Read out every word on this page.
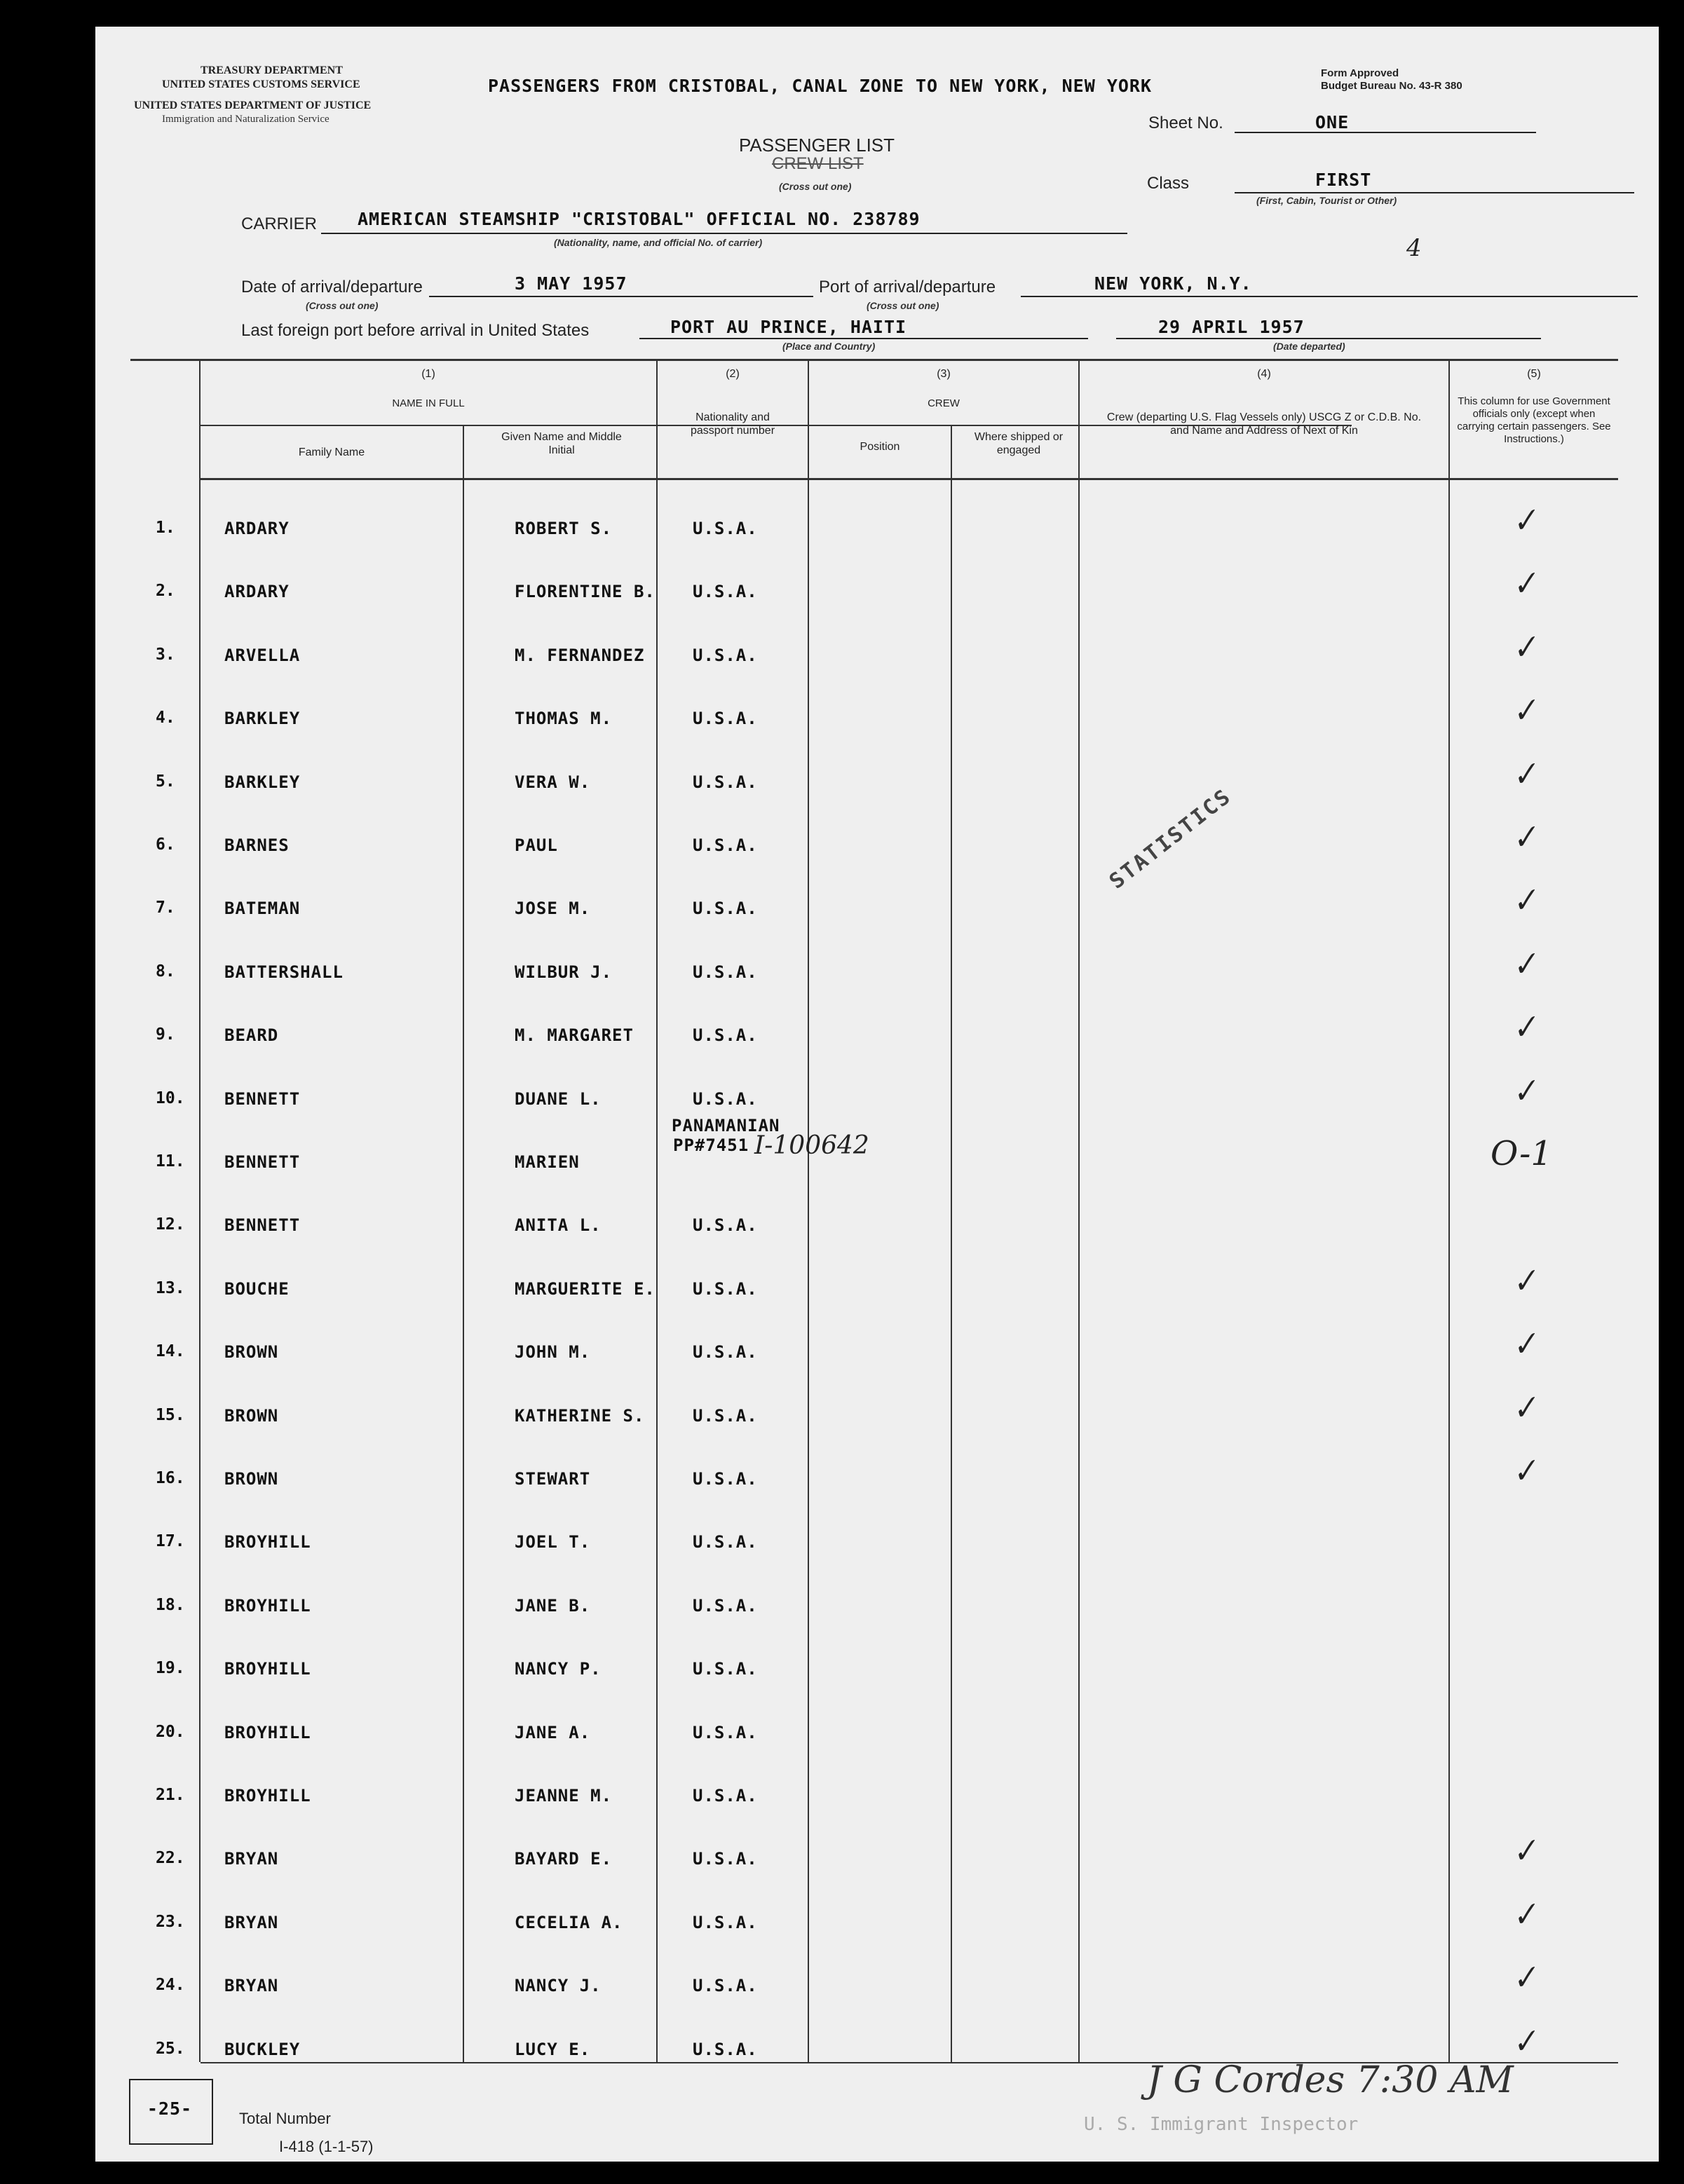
TREASURY DEPARTMENT
UNITED STATES CUSTOMS SERVICE
UNITED STATES DEPARTMENT OF JUSTICE
Immigration and Naturalization Service
PASSENGERS FROM CRISTOBAL, CANAL ZONE TO NEW YORK, NEW YORK
Form Approved
Budget Bureau No. 43-R 380
Sheet No.	ONE
PASSENGER LIST
CREW LIST
(Cross out one)	Class	FIRST
(First, Cabin, Tourist or Other)
CARRIER AMERICAN STEAMSHIP "CRISTOBAL" OFFICIAL NO. 238789
(Nationality, name, and official No. of carrier)	4
Date of arrival/departure	3 MAY 1957
(Cross out one)
Port of arrival/departure	NEW YORK, N.Y.
(Cross out one)
Last foreign port before arrival in United States	PORT AU PRINCE, HAITI
(Place and Country)
29 APRIL 1957
(Date departed)
(1)
NAME IN FULL
Family Name
Given Name and Middle Initial
(2)
Nationality and passport number
(3)
CREW
Position
Where shipped or engaged
(4)
Crew (departing U.S. Flag Vessels only) USCG Z or C.D.B. No. and Name and Address of Next of Kin
(5)
This column for use Government officials only (except when carrying certain passengers. See Instructions.)
1.	ARDARY	ROBERT S.	U.S.A.	✓
2.	ARDARY	FLORENTINE B. U.S.A.	✓
3.	ARVELLA	M. FERNANDEZ	U.S.A.	✓
4.	BARKLEY	THOMAS M.	U.S.A.	✓
5.	BARKLEY	VERA W.	U.S.A.	✓
6.	BARNES	PAUL	U.S.A.	✓
7.	BATEMAN	JOSE M.	U.S.A.	✓
8.	BATTERSHALL	WILBUR J.	U.S.A.	✓
9.	BEARD	M. MARGARET	U.S.A.	✓
10. BENNETT	DUANE L.	U.S.A.	✓
11. BENNETT	MARIEN
PANAMANIAN
PP#7451 I-100642	O-1
12. BENNETT	ANITA L.	U.S.A.
13. BOUCHE	MARGUERITE E. U.S.A.	✓
14. BROWN	JOHN M.	U.S.A.	✓
15. BROWN	KATHERINE S.	U.S.A.	✓
16. BROWN	STEWART	U.S.A.	✓
17. BROYHILL	JOEL T.	U.S.A.
18. BROYHILL	JANE B.	U.S.A.
19. BROYHILL	NANCY P.	U.S.A.
20. BROYHILL	JANE A.	U.S.A.
21. BROYHILL	JEANNE M.	U.S.A.
22. BRYAN	BAYARD E.	U.S.A.	✓
23. BRYAN	CECELIA A.	U.S.A.	✓
24. BRYAN	NANCY J.	U.S.A.	✓
25. BUCKLEY	LUCY E.	U.S.A.	✓
STATISTICS
-25-	Total Number
I-418 (1-1-57)
J G Cordes 7:30 AM
U. S. Immigrant Inspector
